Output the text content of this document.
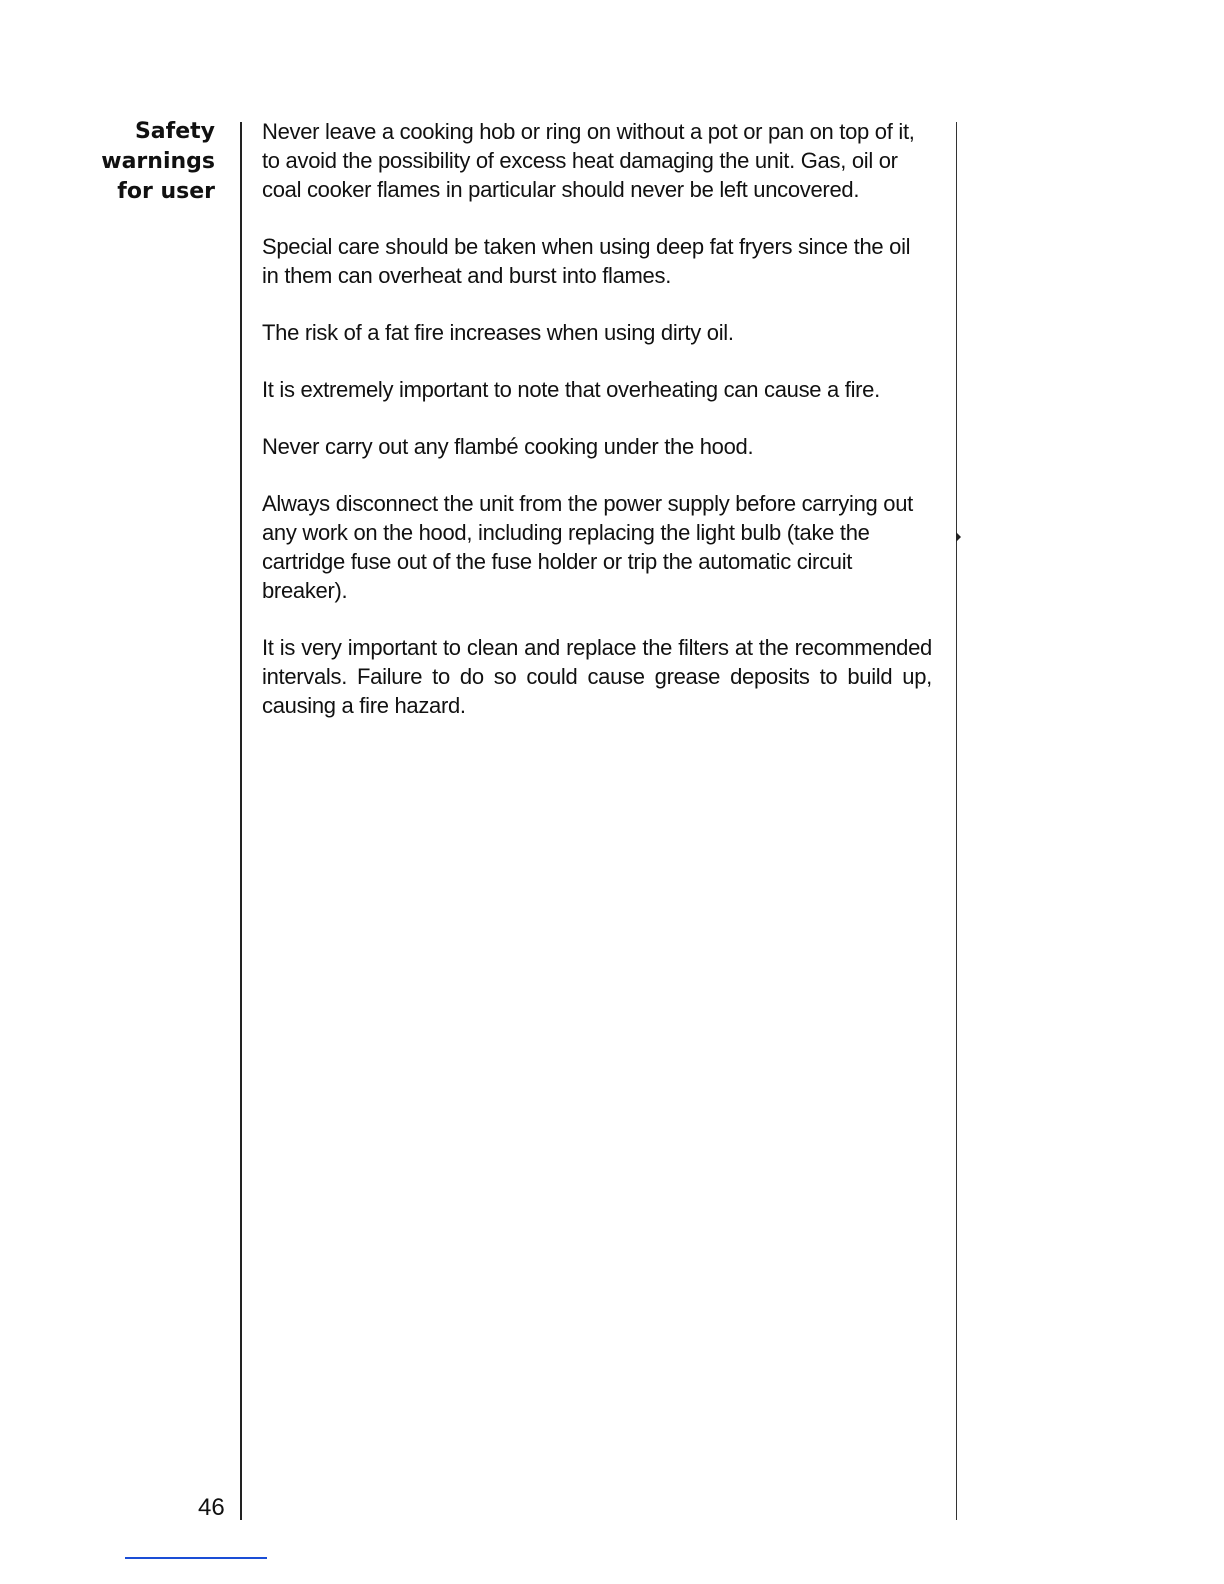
Safety
warnings
for user

Never leave a cooking hob or ring on without a pot or pan on top of it, to avoid the possibility of excess heat damaging the unit. Gas, oil or coal cooker flames in particular should never be left uncovered.

Special care should be taken when using deep fat fryers since the oil in them can overheat and burst into flames.

The risk of a fat fire increases when using dirty oil.

It is extremely important to note that overheating can cause a fire.

Never carry out any flambé cooking under the hood.

Always disconnect the unit from the power supply before carrying out any work on the hood, including replacing the light bulb (take the cartridge fuse out of the fuse holder or trip the automatic circuit breaker).

It is very important to clean and replace the filters at the recommended intervals. Failure to do so could cause grease deposits to build up, causing a fire hazard.

46
